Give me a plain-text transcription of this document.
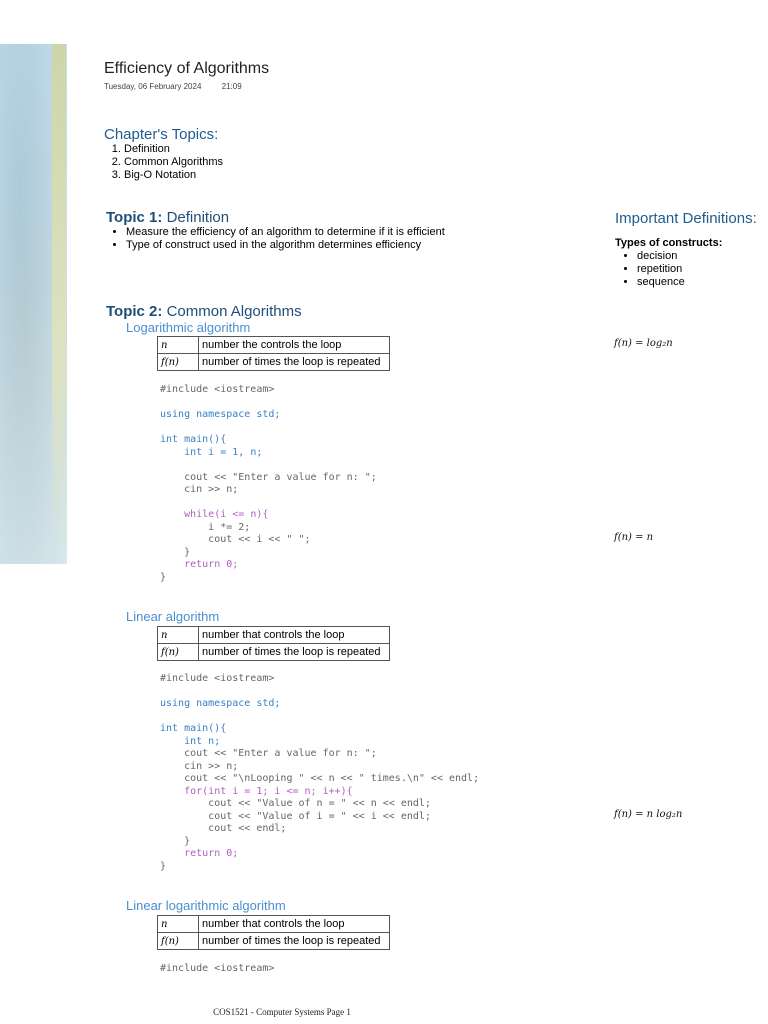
Efficiency of Algorithms
Tuesday, 06 February 2024	21:09
Chapter's Topics:
1. Definition
2. Common Algorithms
3. Big-O Notation
Topic 1: Definition
• Measure the efficiency of an algorithm to determine if it is efficient
• Type of construct used in the algorithm determines efficiency
Important Definitions:
Types of constructs:
• decision
• repetition
• sequence
Topic 2: Common Algorithms
Logarithmic algorithm
n	number the controls the loop
f(n)	number of times the loop is repeated
f(n) = log₂n
#include <iostream>

using namespace std;

int main(){
int i = 1, n;

cout << "Enter a value for n: ";
cin >> n;

while(i <= n){
i *= 2;
cout << i << " ";
}
return 0;
}
f(n) = n
Linear algorithm
n	number that controls the loop
f(n)	number of times the loop is repeated
#include <iostream>

using namespace std;

int main(){
int n;
cout << "Enter a value for n: ";
cin >> n;
cout << "\nLooping " << n << " times.\n" << endl;
for(int i = 1; i <= n; i++){
cout << "Value of n = " << n << endl;
cout << "Value of i = " << i << endl;
cout << endl;
}
return 0;
}
f(n) = n log₂n
Linear logarithmic algorithm
n	number that controls the loop
f(n)	number of times the loop is repeated
#include <iostream>
COS1521 - Computer Systems Page 1
